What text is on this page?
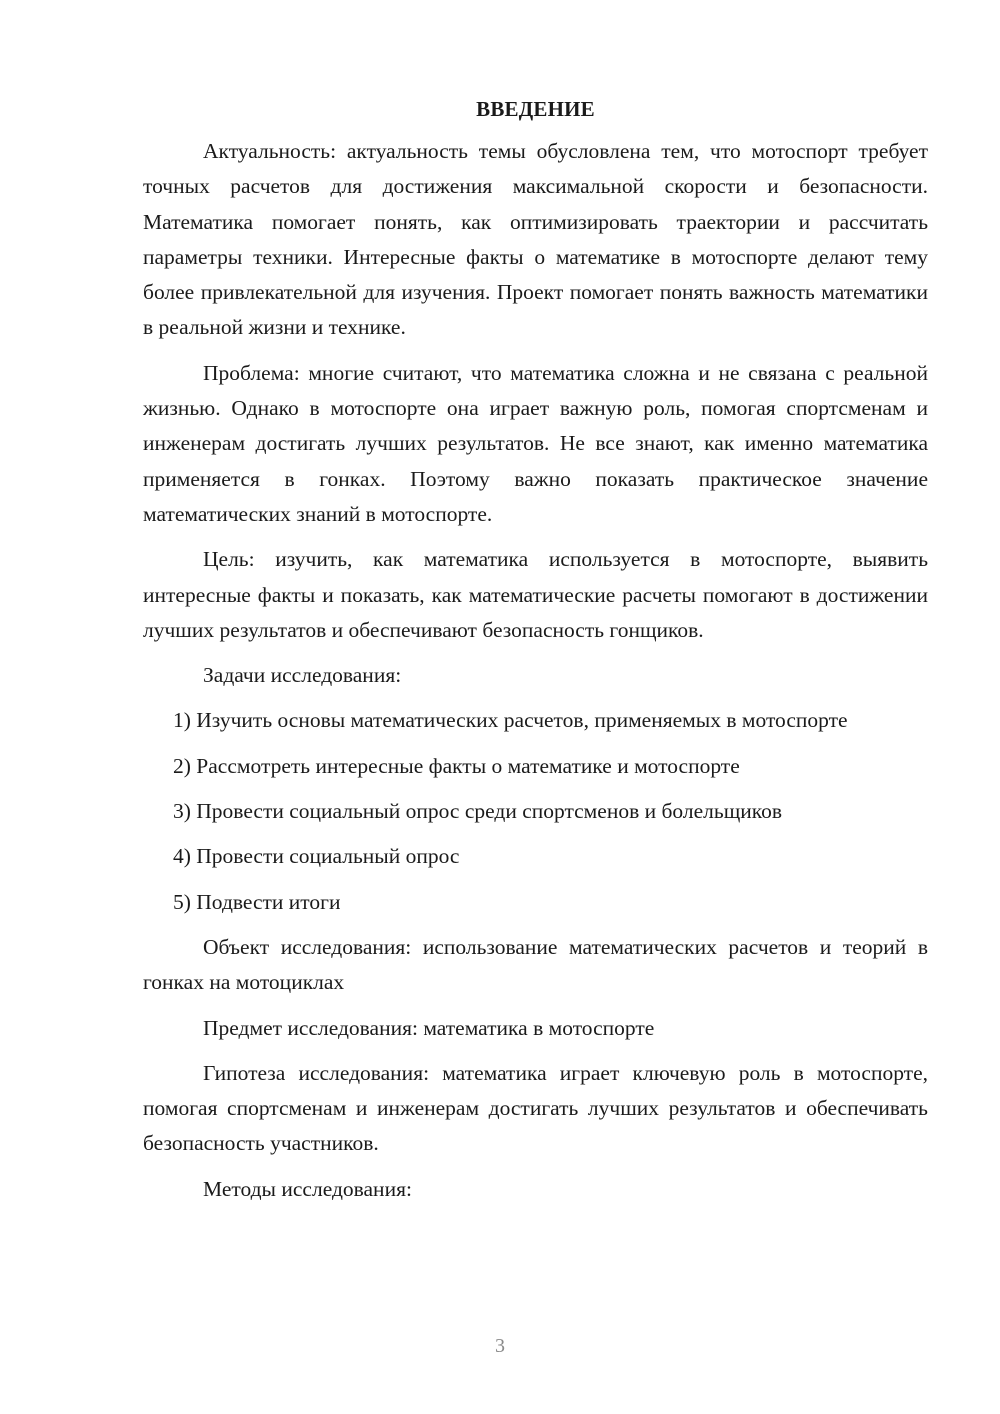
ВВЕДЕНИЕ

Актуальность: актуальность темы обусловлена тем, что мотоспорт требует точных расчетов для достижения максимальной скорости и безопасности. Математика помогает понять, как оптимизировать траектории и рассчитать параметры техники. Интересные факты о математике в мотоспорте делают тему более привлекательной для изучения. Проект помогает понять важность математики в реальной жизни и технике.

Проблема: многие считают, что математика сложна и не связана с реальной жизнью. Однако в мотоспорте она играет важную роль, помогая спортсменам и инженерам достигать лучших результатов. Не все знают, как именно математика применяется в гонках. Поэтому важно показать практическое значение математических знаний в мотоспорте.

Цель: изучить, как математика используется в мотоспорте, выявить интересные факты и показать, как математические расчеты помогают в достижении лучших результатов и обеспечивают безопасность гонщиков.

Задачи исследования:

1) Изучить основы математических расчетов, применяемых в мотоспорте

2) Рассмотреть интересные факты о математике и мотоспорте

3) Провести социальный опрос среди спортсменов и болельщиков

4) Провести социальный опрос

5) Подвести итоги

Объект исследования: использование математических расчетов и теорий в гонках на мотоциклах

Предмет исследования: математика в мотоспорте

Гипотеза исследования: математика играет ключевую роль в мотоспорте, помогая спортсменам и инженерам достигать лучших результатов и обеспечивать безопасность участников.

Методы исследования:

3
